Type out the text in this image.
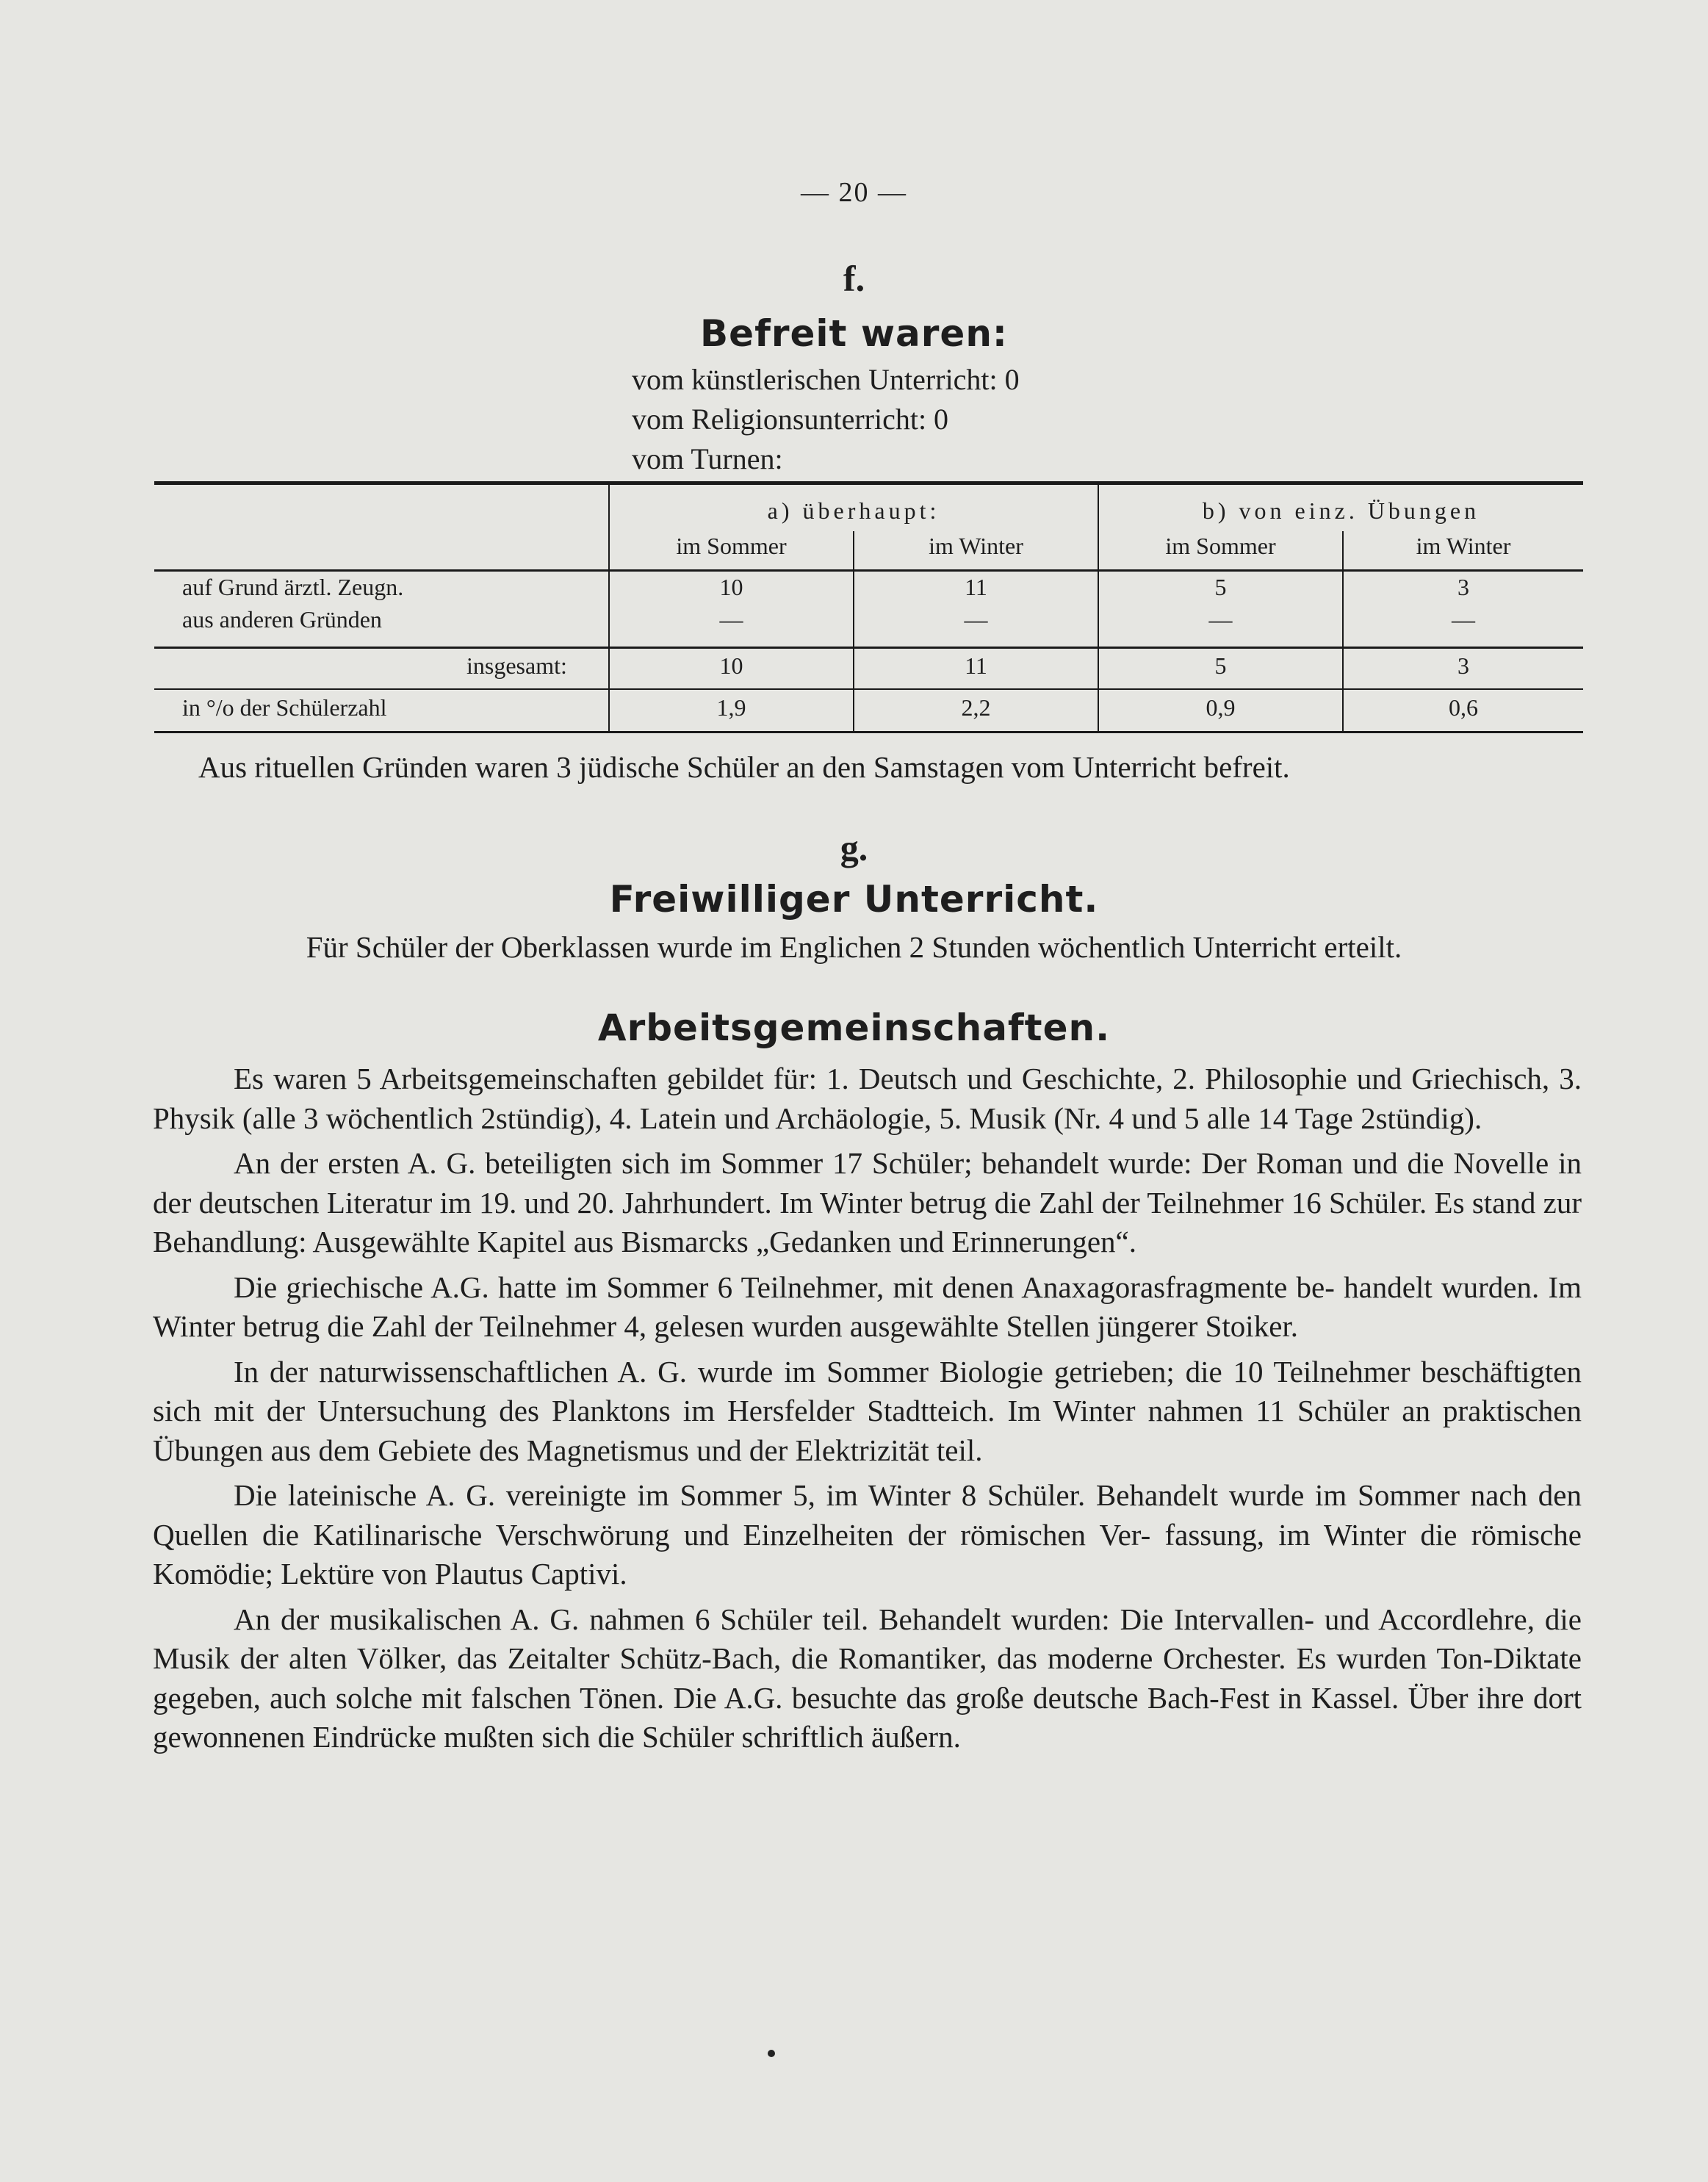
— 20 —
f.
Befreit waren:
vom künstlerischen Unterricht: 0
vom Religionsunterricht: 0
vom Turnen:
a) überhaupt:	b) von einz. Übungen
im Sommer	im Winter	im Sommer	im Winter
auf Grund ärztl. Zeugn.	10	11	5	3
aus anderen Gründen	—	—	—	—
insgesamt:	10	11	5	3
in °/o der Schülerzahl	1,9	2,2	0,9	0,6
Aus rituellen Gründen waren 3 jüdische Schüler an den Samstagen vom Unterricht befreit.
g.
Freiwilliger Unterricht.
Für Schüler der Oberklassen wurde im Englichen 2 Stunden wöchentlich Unterricht erteilt.
Arbeitsgemeinschaften.

Es waren 5 Arbeitsgemeinschaften gebildet für: 1. Deutsch und Geschichte, 2. Philosophie und Griechisch, 3. Physik (alle 3 wöchentlich 2stündig), 4. Latein und Archäologie, 5. Musik (Nr. 4 und 5 alle 14 Tage 2stündig).

An der ersten A. G. beteiligten sich im Sommer 17 Schüler; behandelt wurde: Der Roman und die Novelle in der deutschen Literatur im 19. und 20. Jahrhundert. Im Winter betrug die Zahl der Teilnehmer 16 Schüler. Es stand zur Behandlung: Ausgewählte Kapitel aus Bismarcks „Gedanken und Erinnerungen“.

Die griechische A.G. hatte im Sommer 6 Teilnehmer, mit denen Anaxagorasfragmente be- handelt wurden. Im Winter betrug die Zahl der Teilnehmer 4, gelesen wurden ausgewählte Stellen jüngerer Stoiker.

In der naturwissenschaftlichen A. G. wurde im Sommer Biologie getrieben; die 10 Teilnehmer beschäftigten sich mit der Untersuchung des Planktons im Hersfelder Stadtteich. Im Winter nahmen 11 Schüler an praktischen Übungen aus dem Gebiete des Magnetismus und der Elektrizität teil.

Die lateinische A. G. vereinigte im Sommer 5, im Winter 8 Schüler. Behandelt wurde im Sommer nach den Quellen die Katilinarische Verschwörung und Einzelheiten der römischen Ver- fassung, im Winter die römische Komödie; Lektüre von Plautus Captivi.

An der musikalischen A. G. nahmen 6 Schüler teil. Behandelt wurden: Die Intervallen- und Accordlehre, die Musik der alten Völker, das Zeitalter Schütz-Bach, die Romantiker, das moderne Orchester. Es wurden Ton-Diktate gegeben, auch solche mit falschen Tönen. Die A.G. besuchte das große deutsche Bach-Fest in Kassel. Über ihre dort gewonnenen Eindrücke mußten sich die Schüler schriftlich äußern.
